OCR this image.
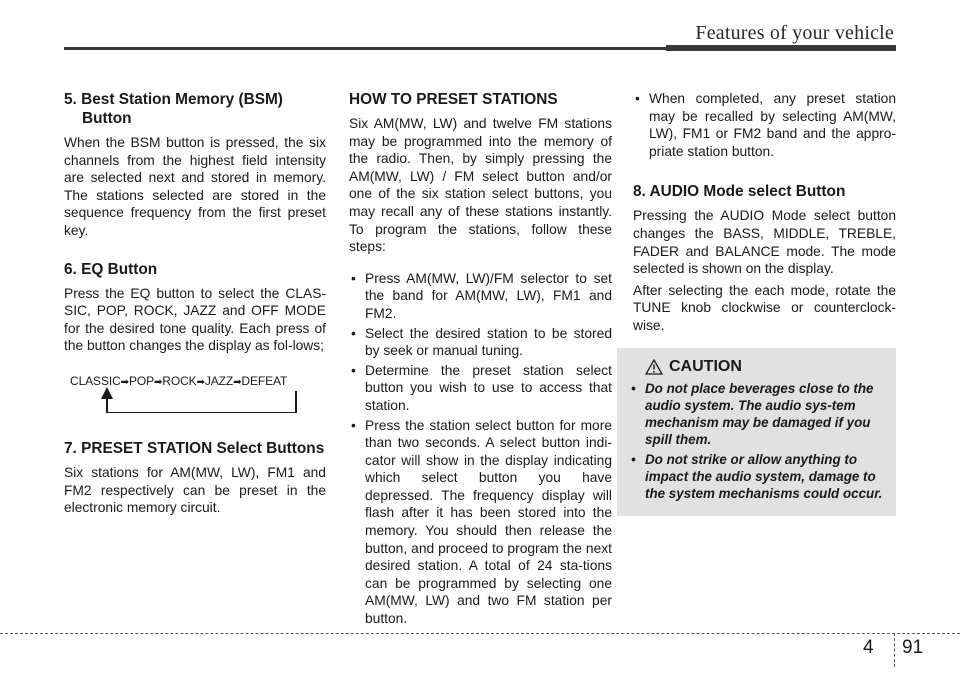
Features of your vehicle
5. Best Station Memory (BSM) Button

When the BSM button is pressed, the six channels from the highest field intensity are selected next and stored in memory. The stations selected are stored in the sequence frequency from the first preset key.

6. EQ Button

Press the EQ button to select the CLAS-SIC, POP, ROCK, JAZZ and OFF MODE for the desired tone quality. Each press of the button changes the display as fol-lows;

CLASSIC➡POP➡ROCK➡JAZZ➡DEFEAT
7. PRESET STATION Select Buttons

Six stations for AM(MW, LW), FM1 and FM2 respectively can be preset in the electronic memory circuit.

HOW TO PRESET STATIONS

Six AM(MW, LW) and twelve FM stations may be programmed into the memory of the radio. Then, by simply pressing the AM(MW, LW) / FM select button and/or one of the six station select buttons, you may recall any of these stations instantly. To program the stations, follow these steps:

• Press AM(MW, LW)/FM selector to set the band for AM(MW, LW), FM1 and FM2.
• Select the desired station to be stored by seek or manual tuning.
• Determine the preset station select button you wish to use to access that station.
• Press the station select button for more than two seconds. A select button indi-cator will show in the display indicating which select button you have depressed. The frequency display will flash after it has been stored into the memory. You should then release the button, and proceed to program the next desired station. A total of 24 sta-tions can be programmed by selecting one AM(MW, LW) and two FM station per button.
• When completed, any preset station may be recalled by selecting AM(MW, LW), FM1 or FM2 band and the appro-priate station button.
8. AUDIO Mode select Button

Pressing the AUDIO Mode select button changes the BASS, MIDDLE, TREBLE, FADER and BALANCE mode. The mode selected is shown on the display.

After selecting the each mode, rotate the TUNE knob clockwise or counterclock-wise.

CAUTION
• Do not place beverages close to the audio system. The audio sys-tem mechanism may be damaged if you spill them.
• Do not strike or allow anything to impact the audio system, damage to the system mechanisms could occur.
4 91
